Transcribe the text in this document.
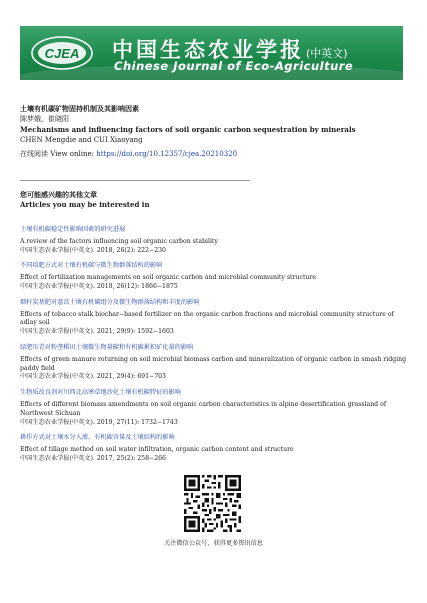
CJEA 中国生态农业学报 (中英文)
Chinese Journal of Eco-Agriculture
土壤有机碳矿物固持机制及其影响因素
陈梦娥，崔晓阳
Mechanisms and influencing factors of soil organic carbon sequestration by minerals
CHEN Mengdie and CUI Xiaoyang
在线阅读 View online: https://doi.org/10.12357/cjea.20210320
您可能感兴趣的其他文章
Articles you may be interested in
土壤有机碳稳定性影响因素的研究进展
A review of the factors influencing soil organic carbon stability
中国生态农业学报(中英文). 2018, 26(2): 222−230
不同培肥方式对土壤有机碳与微生物群落结构的影响
Effect of fertilization managements on soil organic carbon and microbial community structure
中国生态农业学报(中英文). 2018, 26(12): 1866−1875
烟秆炭基肥对薏苡土壤有机碳组分及微生物群落结构和丰度的影响
Effects of tobacco stalk biochar−based fertilizer on the organic carbon fractions and microbial community structure of adlay soil
中国生态农业学报(中英文). 2021, 29(9): 1592−1603
绿肥压青对粉垄稻田土壤微生物量碳和有机碳累积矿化量的影响
Effects of green manure returning on soil microbial biomass carbon and mineralization of organic carbon in smash ridging paddy field
中国生态农业学报(中英文). 2021, 29(4): 691−703
生物质改良剂对川西北高寒草地沙化土壤有机碳特征的影响
Effects of different biomass amendments on soil organic carbon characteristics in alpine desertification grassland of Northwest Sichuan
中国生态农业学报(中英文). 2019, 27(11): 1732−1743
耕作方式对土壤水分入渗、有机碳含量及土壤结构的影响
Effect of tillage method on soil water infiltration, organic carbon content and structure
中国生态农业学报(中英文). 2017, 25(2): 258−266
关注微信公众号，获得更多资讯信息
